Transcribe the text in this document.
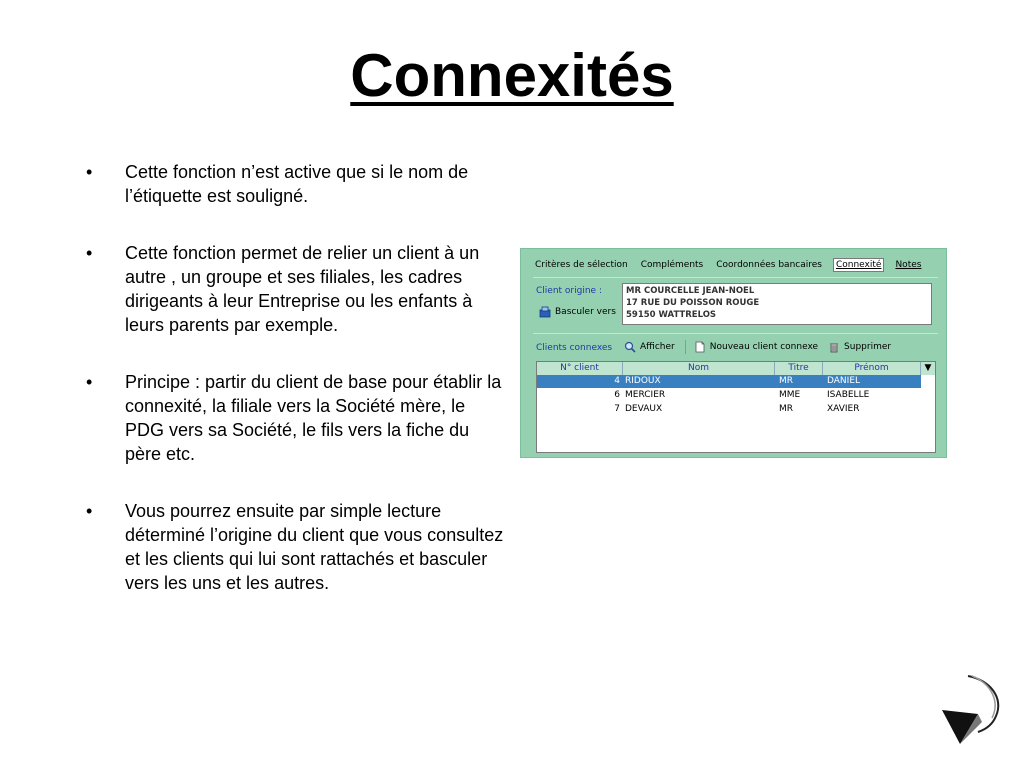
Connexités
• Cette fonction n’est active que si le nom de l’étiquette est souligné.
• Cette fonction permet de relier un client à un autre , un groupe et ses filiales, les cadres dirigeants à leur Entreprise ou les enfants à leurs parents par exemple.
• Principe : partir du client de base pour établir la connexité, la filiale vers la Société mère, le PDG vers sa Société, le fils vers la fiche du père etc.
• Vous pourrez ensuite par simple lecture déterminé l’origine du client que vous consultez et les clients qui lui sont rattachés et basculer vers les uns et les autres.
Critères de sélection Compléments Coordonnées bancaires	Connexité	Notes
Client origine :	MR COURCELLE JEAN-NOEL
17 RUE DU POISSON ROUGE
59150 WATTRELOS
Basculer vers
Clients connexes	Afficher	Nouveau client connexe	Supprimer
N° client	Nom	Titre	Prénom	▼
4 RIDOUX	MR	DANIEL
6 MERCIER	MME	ISABELLE
7 DEVAUX	MR	XAVIER
